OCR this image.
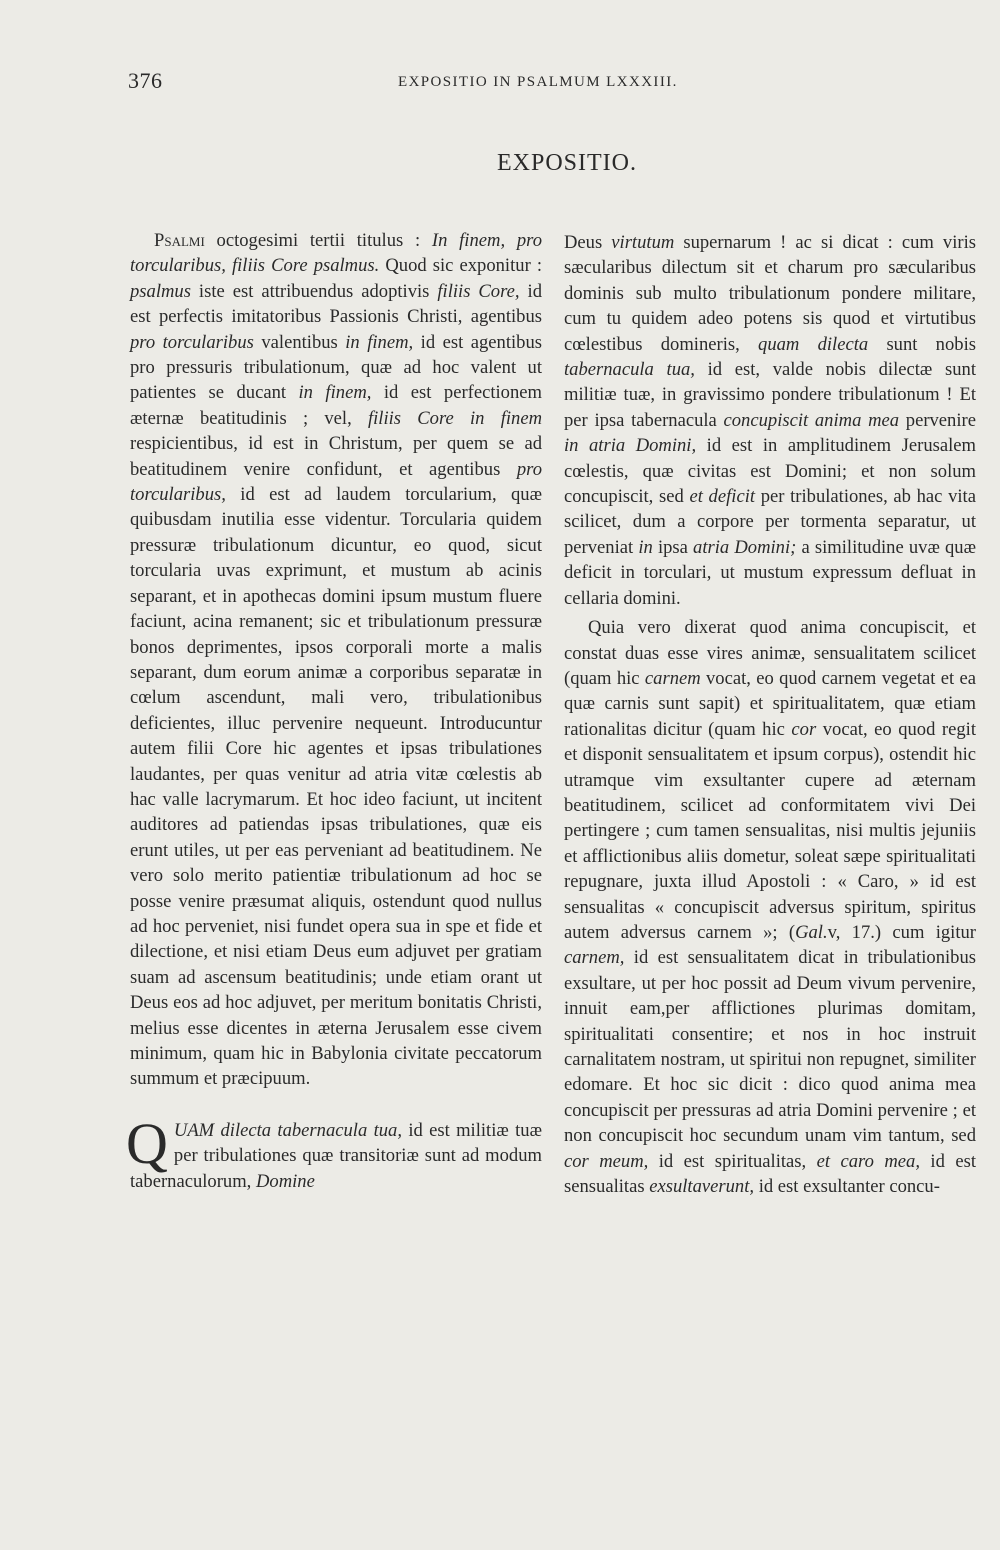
376	EXPOSITIO IN PSALMUM LXXXIII.
EXPOSITIO.

Psalmi octogesimi tertii titulus : In finem, pro torcularibus, filiis Core psalmus. Quod sic exponitur : psalmus iste est attribuendus adoptivis filiis Core, id est perfectis imitatoribus Passionis Christi, agentibus pro torcularibus valentibus in finem, id est agentibus pro pressuris tribulationum, quæ ad hoc valent ut patientes se ducant in finem, id est perfectionem æternæ beatitudinis ; vel, filiis Core in finem respicientibus, id est in Christum, per quem se ad beatitudinem venire confidunt, et agentibus pro torcularibus, id est ad laudem torcularium, quæ quibusdam inutilia esse videntur. Torcularia quidem pressuræ tribulationum dicuntur, eo quod, sicut torcularia uvas exprimunt, et mustum ab acinis separant, et in apothecas domini ipsum mustum fluere faciunt, acina remanent; sic et tribulationum pressuræ bonos deprimentes, ipsos corporali morte a malis separant, dum eorum animæ a corporibus separatæ in cœlum ascendunt, mali vero, tribulationibus deficientes, illuc pervenire nequeunt. Introducuntur autem filii Core hic agentes et ipsas tribulationes laudantes, per quas venitur ad atria vitæ cœlestis ab hac valle lacrymarum. Et hoc ideo faciunt, ut incitent auditores ad patiendas ipsas tribulationes, quæ eis erunt utiles, ut per eas perveniant ad beatitudinem. Ne vero solo merito patientiæ tribulationum ad hoc se posse venire præsumat aliquis, ostendunt quod nullus ad hoc perveniet, nisi fundet opera sua in spe et fide et dilectione, et nisi etiam Deus eum adjuvet per gratiam suam ad ascensum beatitudinis; unde etiam orant ut Deus eos ad hoc adjuvet, per meritum bonitatis Christi, melius esse dicentes in æterna Jerusalem esse civem minimum, quam hic in Babylonia civitate peccatorum summum et præcipuum.

QUAM dilecta tabernacula tua, id est militiæ tuæ per tribulationes quæ transitoriæ sunt ad modum tabernaculorum, Domine

Deus virtutum supernarum ! ac si dicat : cum viris sæcularibus dilectum sit et charum pro sæcularibus dominis sub multo tribulationum pondere militare, cum tu quidem adeo potens sis quod et virtutibus cœlestibus domineris, quam dilecta sunt nobis tabernacula tua, id est, valde nobis dilectæ sunt militiæ tuæ, in gravissimo pondere tribulationum ! Et per ipsa tabernacula concupiscit anima mea pervenire in atria Domini, id est in amplitudinem Jerusalem cœlestis, quæ civitas est Domini; et non solum concupiscit, sed et deficit per tribulationes, ab hac vita scilicet, dum a corpore per tormenta separatur, ut perveniat in ipsa atria Domini; a similitudine uvæ quæ deficit in torculari, ut mustum expressum defluat in cellaria domini.

Quia vero dixerat quod anima concupiscit, et constat duas esse vires animæ, sensualitatem scilicet (quam hic carnem vocat, eo quod carnem vegetat et ea quæ carnis sunt sapit) et spiritualitatem, quæ etiam rationalitas dicitur (quam hic cor vocat, eo quod regit et disponit sensualitatem et ipsum corpus), ostendit hic utramque vim exsultanter cupere ad æternam beatitudinem, scilicet ad conformitatem vivi Dei pertingere ; cum tamen sensualitas, nisi multis jejuniis et afflictionibus aliis dometur, soleat sæpe spiritualitati repugnare, juxta illud Apostoli : « Caro, » id est sensualitas « concupiscit adversus spiritum, spiritus autem adversus carnem »; (Gal.v, 17.) cum igitur carnem, id est sensualitatem dicat in tribulationibus exsultare, ut per hoc possit ad Deum vivum pervenire, innuit eam,per afflictiones plurimas domitam, spiritualitati consentire; et nos in hoc instruit carnalitatem nostram, ut spiritui non repugnet, similiter edomare. Et hoc sic dicit : dico quod anima mea concupiscit per pressuras ad atria Domini pervenire ; et non concupiscit hoc secundum unam vim tantum, sed cor meum, id est spiritualitas, et caro mea, id est sensualitas exsultaverunt, id est exsultanter concu-
